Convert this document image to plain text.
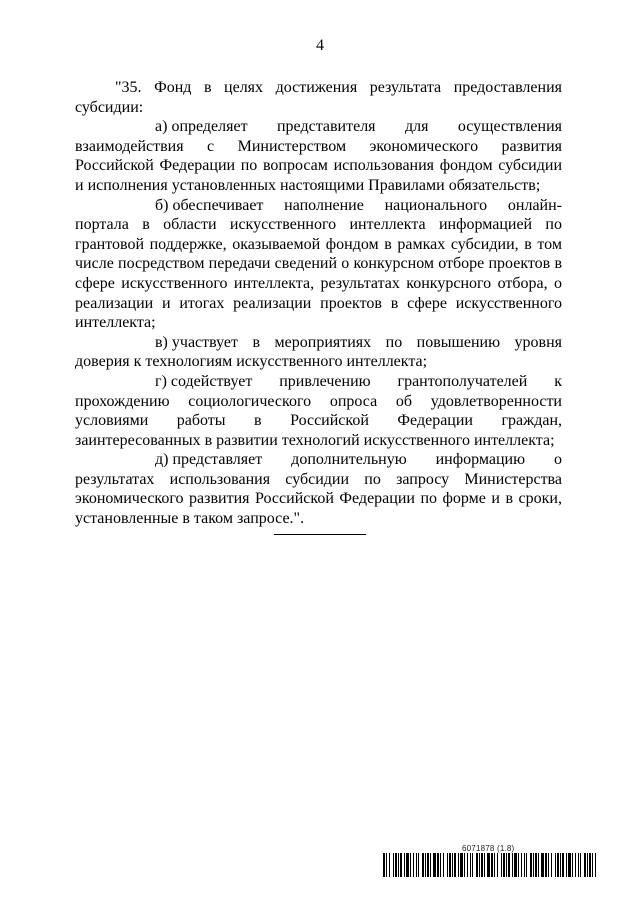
4

"35. Фонд в целях достижения результата предоставления субсидии:

а) определяет представителя для осуществления взаимодействия с Министерством экономического развития Российской Федерации по вопросам использования фондом субсидии и исполнения установленных настоящими Правилами обязательств;

б) обеспечивает наполнение национального онлайн-портала в области искусственного интеллекта информацией по грантовой поддержке, оказываемой фондом в рамках субсидии, в том числе посредством передачи сведений о конкурсном отборе проектов в сфере искусственного интеллекта, результатах конкурсного отбора, о реализации и итогах реализации проектов в сфере искусственного интеллекта;

в) участвует в мероприятиях по повышению уровня доверия к технологиям искусственного интеллекта;

г) содействует привлечению грантополучателей к прохождению социологического опроса об удовлетворенности условиями работы в Российской Федерации граждан, заинтересованных в развитии технологий искусственного интеллекта;

д) представляет дополнительную информацию о результатах использования субсидии по запросу Министерства экономического развития Российской Федерации по форме и в сроки, установленные в таком запросе.".

6071878 (1.8)
